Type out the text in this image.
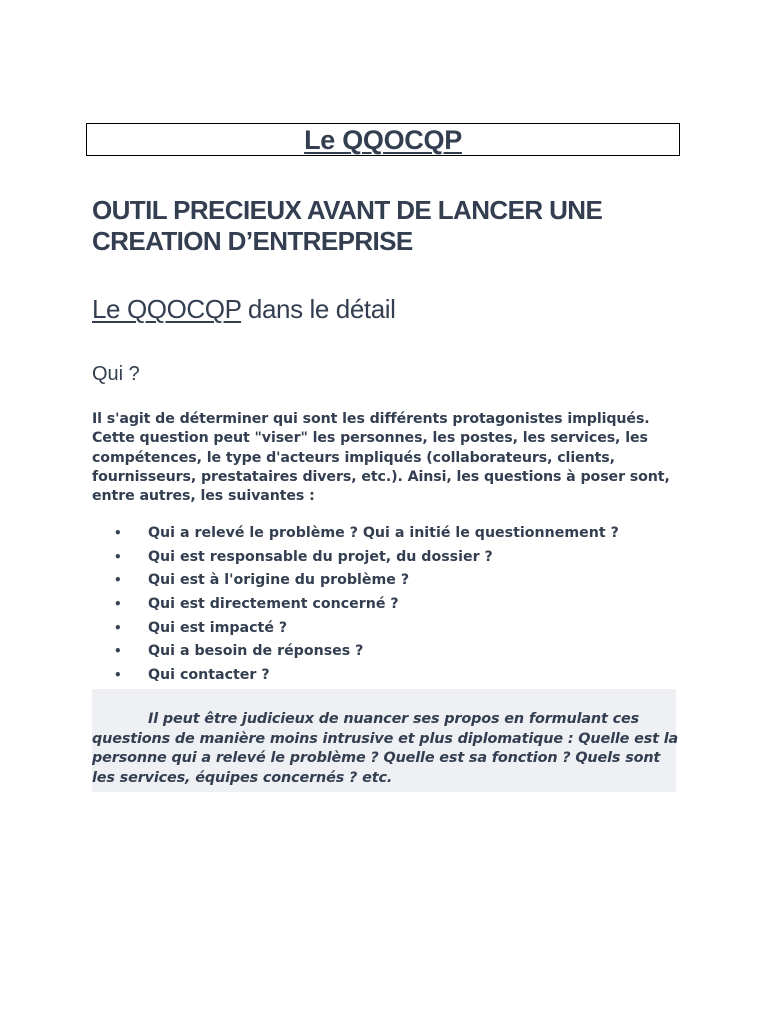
Le QQOCQP
OUTIL PRECIEUX AVANT DE LANCER UNE CREATION D’ENTREPRISE
Le QQOCQP dans le détail
Qui ?

Il s'agit de déterminer qui sont les différents protagonistes impliqués. Cette question peut "viser" les personnes, les postes, les services, les compétences, le type d'acteurs impliqués (collaborateurs, clients, fournisseurs, prestataires divers, etc.). Ainsi, les questions à poser sont, entre autres, les suivantes :

• Qui a relevé le problème ? Qui a initié le questionnement ?
• Qui est responsable du projet, du dossier ?
• Qui est à l'origine du problème ?
• Qui est directement concerné ?
• Qui est impacté ?
• Qui a besoin de réponses ?
• Qui contacter ?

Il peut être judicieux de nuancer ses propos en formulant ces questions de manière moins intrusive et plus diplomatique : Quelle est la personne qui a relevé le problème ? Quelle est sa fonction ? Quels sont les services, équipes concernés ? etc.
